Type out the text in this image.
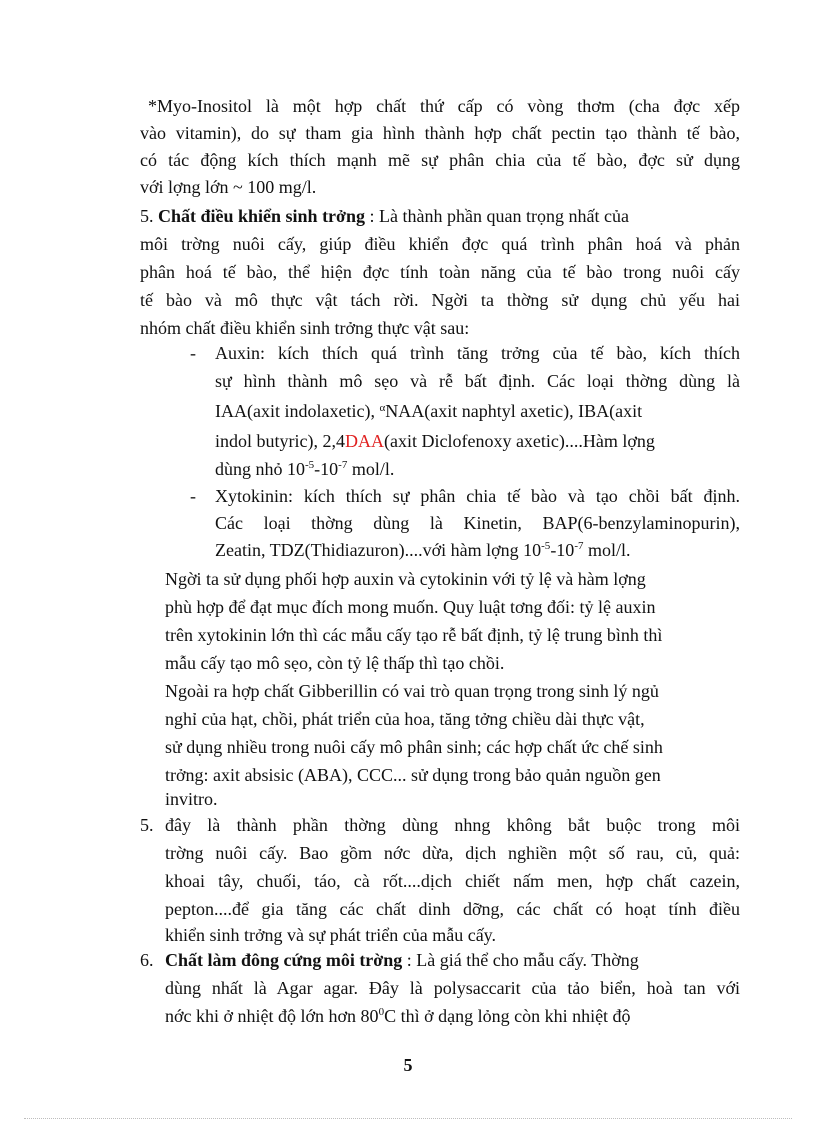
*Myo-Inositol là một hợp chất thứ cấp có vòng thơm (cha đợc xếp
vào vitamin), do sự tham gia hình thành hợp chất pectin tạo thành tế bào,
có tác động kích thích mạnh mẽ sự phân chia của tế bào, đợc sử dụng
với lợng lớn ~ 100 mg/l.
5. Chất điều khiển sinh trởng : Là thành phần quan trọng nhất của
môi trờng nuôi cấy, giúp điều khiển đợc quá trình phân hoá và phản
phân hoá tế bào, thể hiện đợc tính toàn năng của tế bào trong nuôi cấy
tế bào và mô thực vật tách rời. Ngời ta thờng sử dụng chủ yếu hai
nhóm chất điều khiển sinh trởng thực vật sau:
- Auxin: kích thích quá trình tăng trởng của tế bào, kích thích
sự hình thành mô sẹo và rễ bất định. Các loại thờng dùng là
IAA(axit indolaxetic), $^\alpha$NAA(axit naphtyl axetic), IBA(axit
indol butyric), 2,4DAA(axit Diclofenoxy axetic)....Hàm lợng
dùng nhỏ $10^{-5}-10^{-7}$ mol/l.
- Xytokinin: kích thích sự phân chia tế bào và tạo chồi bất định.
Các loại thờng dùng là Kinetin, BAP(6-benzylaminopurin),
Zeatin, TDZ(Thidiazuron)....với hàm lợng $10^{-5}-10^{-7}$ mol/l.
Ngời ta sử dụng phối hợp auxin và cytokinin với tỷ lệ và hàm lợng
phù hợp để đạt mục đích mong muốn. Quy luật tơng đối: tỷ lệ auxin
trên xytokinin lớn thì các mẫu cấy tạo rễ bất định, tỷ lệ trung bình thì
mẫu cấy tạo mô sẹo, còn tỷ lệ thấp thì tạo chồi.
Ngoài ra hợp chất Gibberillin có vai trò quan trọng trong sinh lý ngủ
nghỉ của hạt, chồi, phát triển của hoa, tăng tởng chiều dài thực vật,
sử dụng nhiều trong nuôi cấy mô phân sinh; các hợp chất ức chế sinh
trởng: axit absisic (ABA), CCC... sử dụng trong bảo quản nguồn gen
invitro.
5. đây là thành phần thờng dùng nhng không bắt buộc trong môi
trờng nuôi cấy. Bao gồm nớc dừa, dịch nghiền một số rau, củ, quả:
khoai tây, chuối, táo, cà rốt....dịch chiết nấm men, hợp chất cazein,
pepton....để gia tăng các chất dinh dỡng, các chất có hoạt tính điều
khiển sinh trởng và sự phát triển của mẫu cấy.
6. Chất làm đông cứng môi trờng : Là giá thể cho mẫu cấy. Thờng
dùng nhất là Agar agar. Đây là polysaccarit của tảo biển, hoà tan với
nớc khi ở nhiệt độ lớn hơn $80^0C$ thì ở dạng lỏng còn khi nhiệt độ
5
